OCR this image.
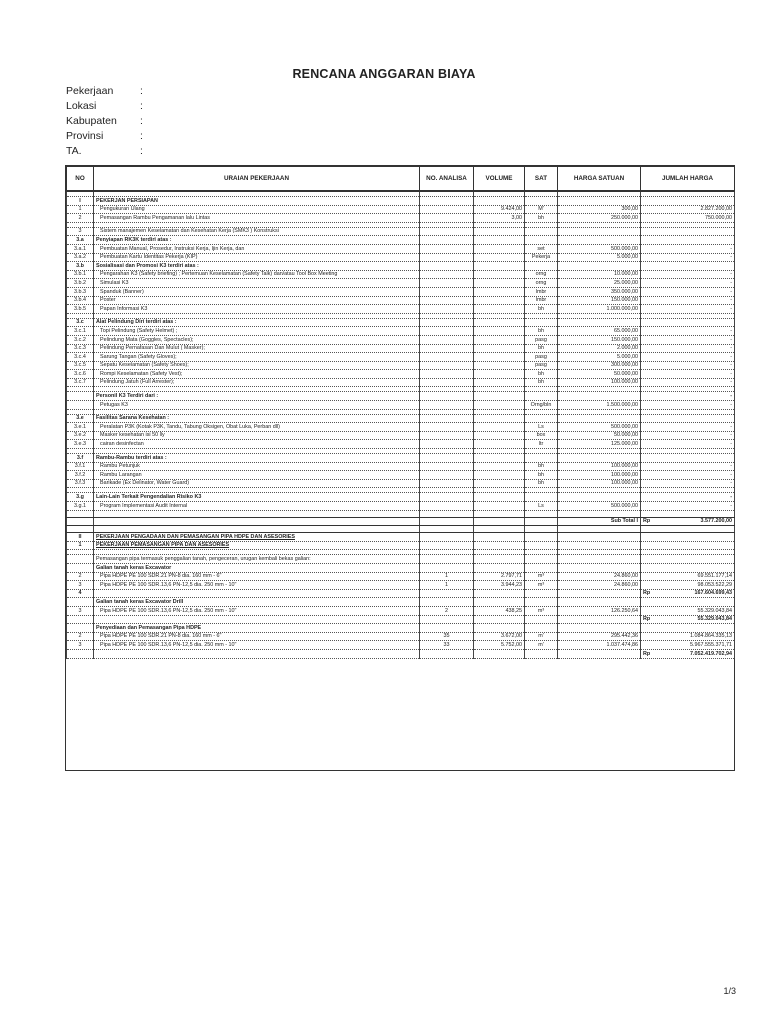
RENCANA ANGGARAN BIAYA
Pekerjaan	:
Lokasi	:
Kabupaten	:
Provinsi	:
TA.	:
NO	URAIAN PEKERJAAN	NO. ANALISA	VOLUME	SAT	HARGA SATUAN	JUMLAH HARGA

I	PEKERJAN PERSIAPAN					
1	Pengukuran Ulang		9.424,00	M'	300,00	2.827.200,00
2	Pemasangan Rambu Pengamanan lalu Lintas		3,00	bh	250.000,00	750.000,00

3	Sistem manajemen Keselamatan dan Kesehatan Kerja (SMK3 ) Konstruksi					
3.a	Penyiapan RK3K terdiri atas :					
3.a.1	Pembuatan Manual, Prosedur, Instruksi Kerja, Ijin Kerja, dan			set	500.000,00	-
3.a.2	Pembuatan Kartu Identitas Pekerja (KIP)			Pekerja	5.000,00	-
3.b	Sosialisasi dan Promosi K3 terdiri atas :					
3.b.1	Pengarahan K3 (Safety briefing) ; Pertemuan Keselamatan (Safety Talk) dan/atau Tool Box Meeting			orng	10.000,00	-
3.b.2	Simulasi K3			orng	25.000,00	-
3.b.3	Spanduk (Banner)			lmbr	350.000,00	-
3.b.4	Poster			lmbr	150.000,00	-
3.b.5	Papan Informasi K3			bh	1.000.000,00	-

3.c	Alat Pelindung Diri terdiri atas :					
3.c.1	Topi Pelindung (Safety Helmet) ;			bh	65.000,00	-
3.c.2	Pelindung Mata (Goggles, Spectacles);			pasg	150.000,00	-
3.c.3	Pelindung Pernafasan Dan Mulut ( Masker);			bh	2.000,00	-
3.c.4	Sarung Tangan (Safety Gloves);			pasg	5.000,00	-
3.c.5	Sepatu Keselamatan (Safety Shoes);			pasg	300.000,00	-
3.c.6	Rompi Keselamatan (Safety Vest);			bh	50.000,00	-
3.c.7	Pelindung Jatuh (Full Arrester);			bh	100.000,00	-

	Personil K3 Terdiri dari :					-
	Petugas K3			Orng/bln	1.500.000,00	-

3.e	Fasilitas Sarana Kesehatan :					
3.e.1	Peralatan P3K (Kotak P3K, Tandu, Tabung Oksigen, Obat Luka, Perban dll)			Ls	500.000,00	-
3.e.2	Masker kesehatan isi 50 lly			box	50.000,00	-
3.e.3	cairan desinfectan			ltr	125.000,00	-

3.f	Rambu-Rambu terdiri atas :					
3.f.1	Rambu Petunjuk			bh	100.000,00	-
3.f.2	Rambu Larangan			bh	100.000,00	-
3.f.3	Barikade (Ex Delinator, Water Guard)			bh	100.000,00	-

3.g	Lain-Lain Terkait Pengendalian Risiko K3					-
3.g.1	Program Implementasi Audit Internal			Ls	500.000,00	-

					Sub Total I	Rp 3.577.200,00

II	PEKERJAAN PENGADAAN DAN PEMASANGAN PIPA HDPE DAN ASESORIES					
1	PEKERJAAN PEMASANGAN PIPA DAN ASESORIES					

	Pemasangan pipa termasuk penggalian tanah, pengeceran, urugan kembali bekas galian:					
	Galian tanah keras Excavator					
2	Pipa HDPE PE 100 SDR.21 PN-8 dia. 160 mm - 6"	1	2.797,71	m³	24.860,00	69.551.177,14
3	Pipa HDPE PE 100 SDR.13,6 PN-12,5 dia. 250 mm - 10"	1	3.944,23	m³	24.860,00	98.053.522,29
4						Rp 167.604.699,43

	Galian tanah keras Excavator Drill					
3	Pipa HDPE PE 100 SDR.13,6 PN-12,5 dia. 250 mm - 10"	2	438,25	m³	126.250,64	55.329.043,84

						Rp 55.329.043,84

	Penyediaan dan Pemasangan Pipa HDPE					
2	Pipa HDPE PE 100 SDR.21 PN-8 dia. 160 mm - 6"	35	3.672,00	m'	295.442,36	1.084.864.335,13
3	Pipa HDPE PE 100 SDR.13,6 PN-12,5 dia. 250 mm - 10"	33	5.752,00	m'	1.037.474,86	5.967.555.371,71

						Rp 7.052.419.702,94
1/3
